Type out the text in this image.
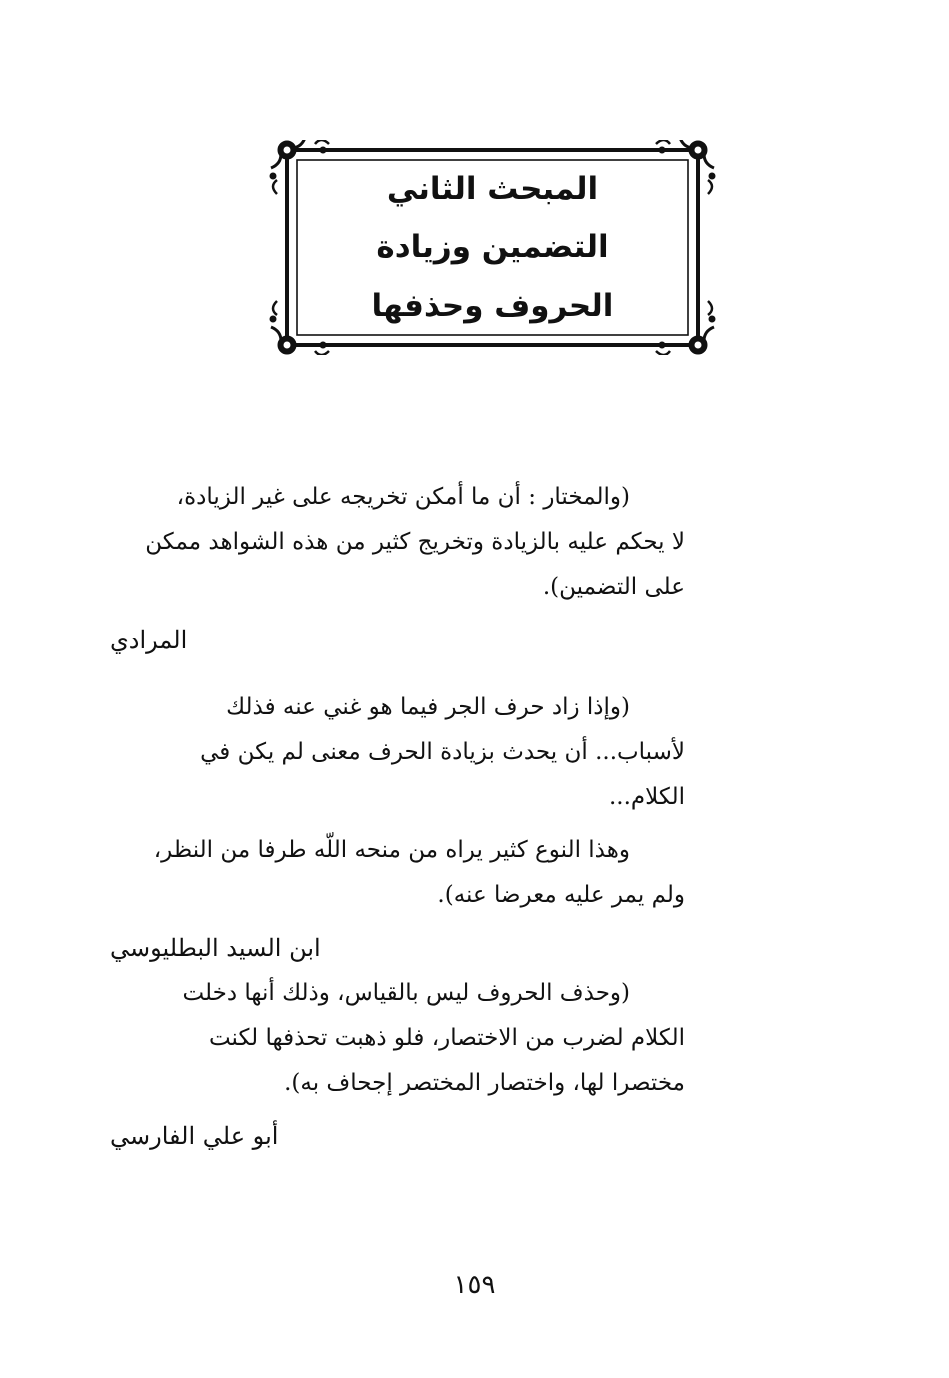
المبحث الثاني
التضمين وزيادة
الحروف وحذفها

(والمختار : أن ما أمكن تخريجه على غير الزيادة،
لا يحكم عليه بالزيادة وتخريج كثير من هذه الشواهد ممكن
على التضمين).

المرادي

(وإذا زاد حرف الجر فيما هو غني عنه فذلك
لأسباب... أن يحدث بزيادة الحرف معنى لم يكن في
الكلام...

وهذا النوع كثير يراه من منحه اللّه طرفا من النظر،
ولم يمر عليه معرضا عنه).

ابن السيد البطليوسي

(وحذف الحروف ليس بالقياس، وذلك أنها دخلت
الكلام لضرب من الاختصار، فلو ذهبت تحذفها لكنت
مختصرا لها، واختصار المختصر إجحاف به).

أبو علي الفارسي

١٥٩
